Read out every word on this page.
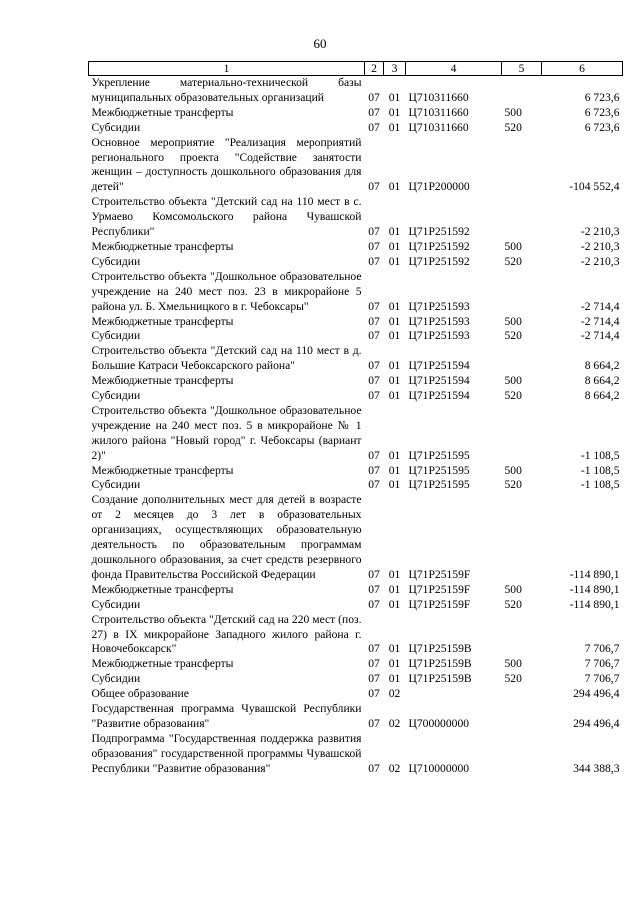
60
1	2	3	4	5	6
Укрепление материально-технической базы муниципальных образовательных организаций	07	01	Ц710311660		6 723,6
Межбюджетные трансферты	07	01	Ц710311660	500	6 723,6
Субсидии	07	01	Ц710311660	520	6 723,6
Основное мероприятие "Реализация мероприятий регионального проекта "Содействие занятости женщин – доступность дошкольного образования для детей"	07	01	Ц71P200000		-104 552,4
Строительство объекта "Детский сад на 110 мест в с. Урмаево Комсомольского района Чувашской Республики"	07	01	Ц71P251592		-2 210,3
Межбюджетные трансферты	07	01	Ц71P251592	500	-2 210,3
Субсидии	07	01	Ц71P251592	520	-2 210,3
Строительство объекта "Дошкольное образовательное учреждение на 240 мест поз. 23 в микрорайоне 5 района ул. Б. Хмельницкого в г. Чебоксары"	07	01	Ц71P251593		-2 714,4
Межбюджетные трансферты	07	01	Ц71P251593	500	-2 714,4
Субсидии	07	01	Ц71P251593	520	-2 714,4
Строительство объекта "Детский сад на 110 мест в д. Большие Катраси Чебоксарского района"	07	01	Ц71P251594		8 664,2
Межбюджетные трансферты	07	01	Ц71P251594	500	8 664,2
Субсидии	07	01	Ц71P251594	520	8 664,2
Строительство объекта "Дошкольное образовательное учреждение на 240 мест поз. 5 в микрорайоне № 1 жилого района "Новый город" г. Чебоксары (вариант 2)"	07	01	Ц71P251595		-1 108,5
Межбюджетные трансферты	07	01	Ц71P251595	500	-1 108,5
Субсидии	07	01	Ц71P251595	520	-1 108,5
Создание дополнительных мест для детей в возрасте от 2 месяцев до 3 лет в образовательных организациях, осуществляющих образовательную деятельность по образовательным программам дошкольного образования, за счет средств резервного фонда Правительства Российской Федерации	07	01	Ц71P25159F		-114 890,1
Межбюджетные трансферты	07	01	Ц71P25159F	500	-114 890,1
Субсидии	07	01	Ц71P25159F	520	-114 890,1
Строительство объекта "Детский сад на 220 мест (поз. 27) в IX микрорайоне Западного жилого района г. Новочебоксарск"	07	01	Ц71P25159B		7 706,7
Межбюджетные трансферты	07	01	Ц71P25159B	500	7 706,7
Субсидии	07	01	Ц71P25159B	520	7 706,7
Общее образование	07	02			294 496,4
Государственная программа Чувашской Республики "Развитие образования"	07	02	Ц700000000		294 496,4
Подпрограмма "Государственная поддержка развития образования" государственной программы Чувашской Республики "Развитие образования"	07	02	Ц710000000		344 388,3
